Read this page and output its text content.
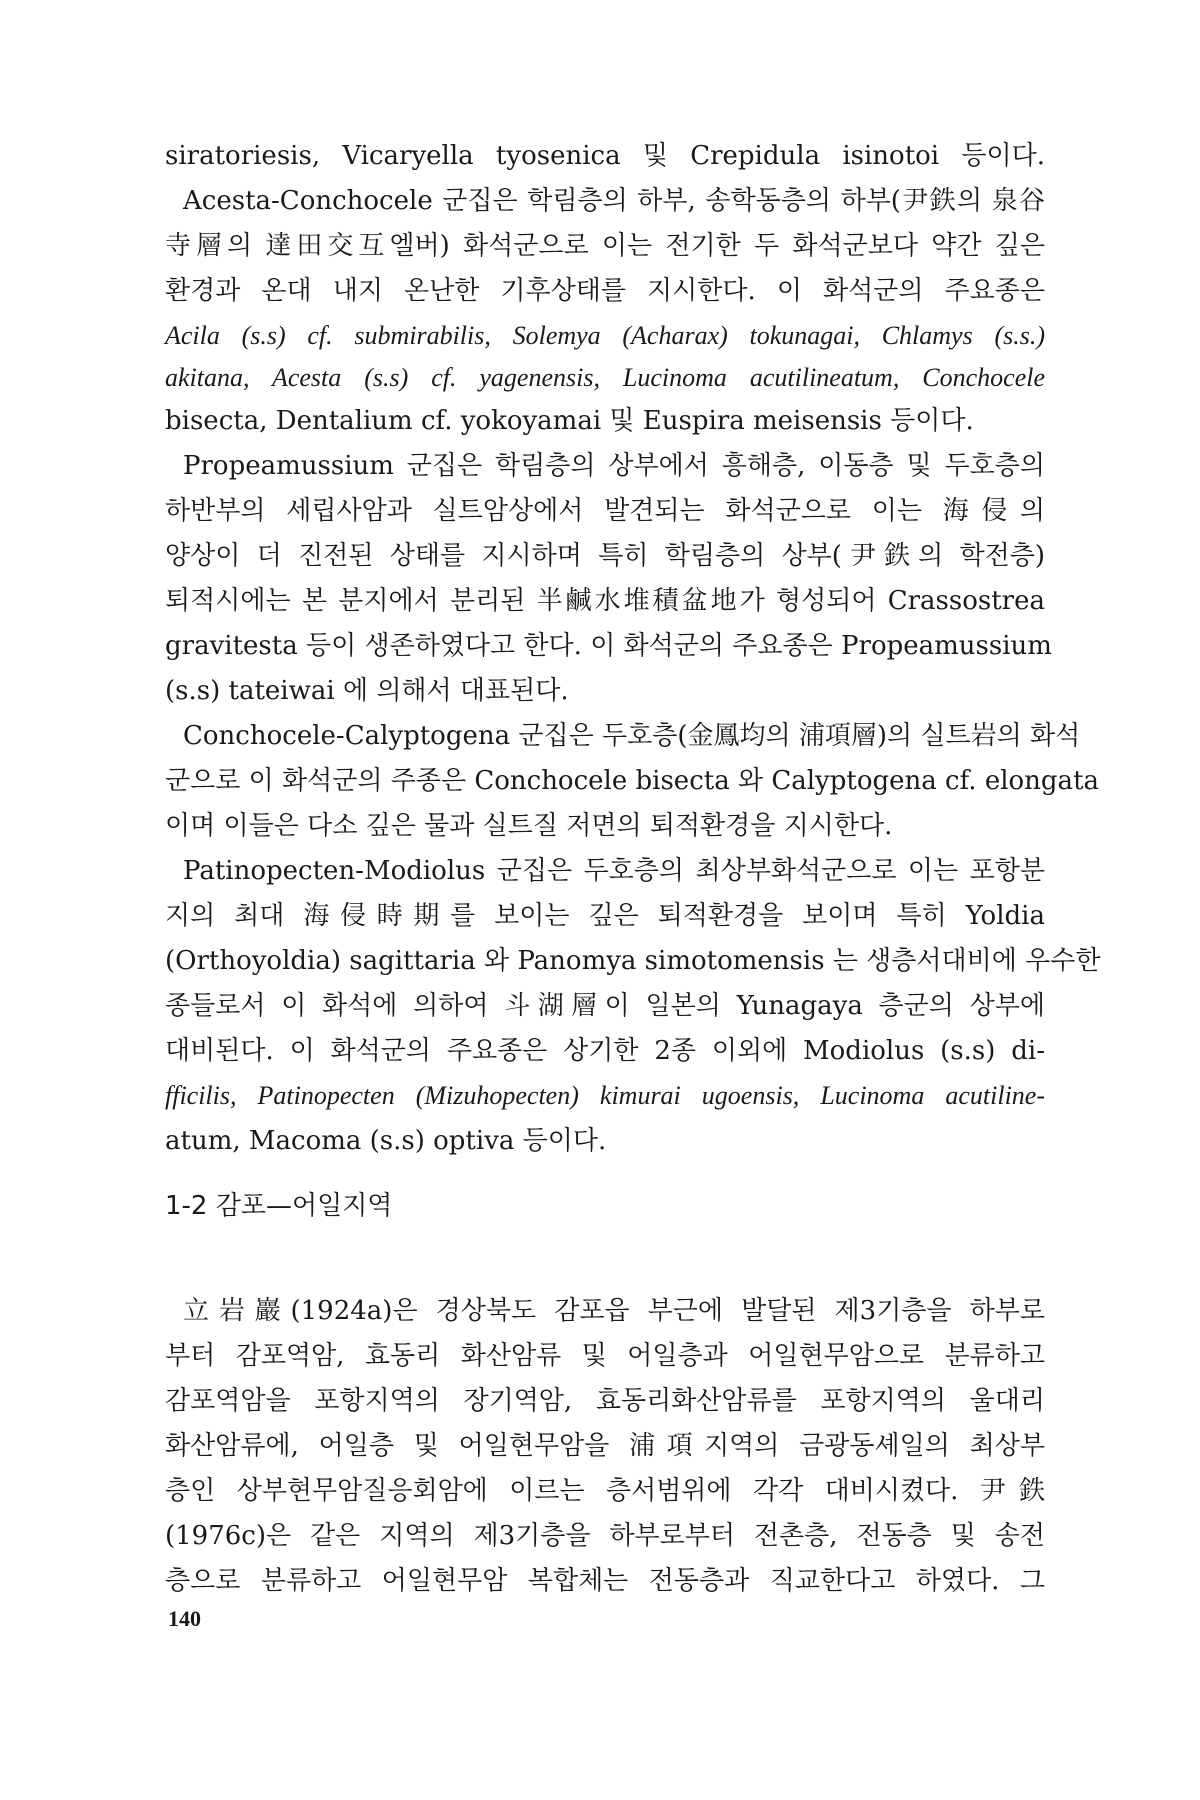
siratoriesis, Vicaryella tyosenica 및 Crepidula isinotoi 등이다.
Acesta-Conchocele 군집은 학림층의 하부, 송학동층의 하부(尹鉄의 泉谷
寺層의 達田交互엘버) 화석군으로 이는 전기한 두 화석군보다 약간 깊은
환경과 온대 내지 온난한 기후상태를 지시한다. 이 화석군의 주요종은
Acila (s.s) cf. submirabilis, Solemya (Acharax) tokunagai, Chlamys (s.s.)
akitana, Acesta (s.s) cf. yagenensis, Lucinoma acutilineatum, Conchocele
bisecta, Dentalium cf. yokoyamai 및 Euspira meisensis 등이다.
Propeamussium 군집은 학림층의 상부에서 흥해층, 이동층 및 두호층의
하반부의 세립사암과 실트암상에서 발견되는 화석군으로 이는 海侵의
양상이 더 진전된 상태를 지시하며 특히 학림층의 상부(尹鉄의 학전층)
퇴적시에는 본 분지에서 분리된 半鹹水堆積盆地가 형성되어 Crassostrea
gravitesta 등이 생존하였다고 한다. 이 화석군의 주요종은 Propeamussium
(s.s) tateiwai 에 의해서 대표된다.
Conchocele-Calyptogena 군집은 두호층(金鳳均의 浦項層)의 실트岩의 화석
군으로 이 화석군의 주종은 Conchocele bisecta 와 Calyptogena cf. elongata
이며 이들은 다소 깊은 물과 실트질 저면의 퇴적환경을 지시한다.
Patinopecten-Modiolus 군집은 두호층의 최상부화석군으로 이는 포항분
지의 최대 海侵時期를 보이는 깊은 퇴적환경을 보이며 특히 Yoldia
(Orthoyoldia) sagittaria 와 Panomya simotomensis 는 생층서대비에 우수한
종들로서 이 화석에 의하여 斗湖層이 일본의 Yunagaya 층군의 상부에
대비된다. 이 화석군의 주요종은 상기한 2종 이외에 Modiolus (s.s) di-
fficilis, Patinopecten (Mizuhopecten) kimurai ugoensis, Lucinoma acutiline-
atum, Macoma (s.s) optiva 등이다.
1-2 감포—어일지역
立岩巖(1924a)은 경상북도 감포읍 부근에 발달된 제3기층을 하부로
부터 감포역암, 효동리 화산암류 및 어일층과 어일현무암으로 분류하고
감포역암을 포항지역의 장기역암, 효동리화산암류를 포항지역의 울대리
화산암류에, 어일층 및 어일현무암을 浦項지역의 금광동셰일의 최상부
층인 상부현무암질응회암에 이르는 층서범위에 각각 대비시켰다. 尹鉄
(1976c)은 같은 지역의 제3기층을 하부로부터 전촌층, 전동층 및 송전
층으로 분류하고 어일현무암 복합체는 전동층과 직교한다고 하였다. 그
140
